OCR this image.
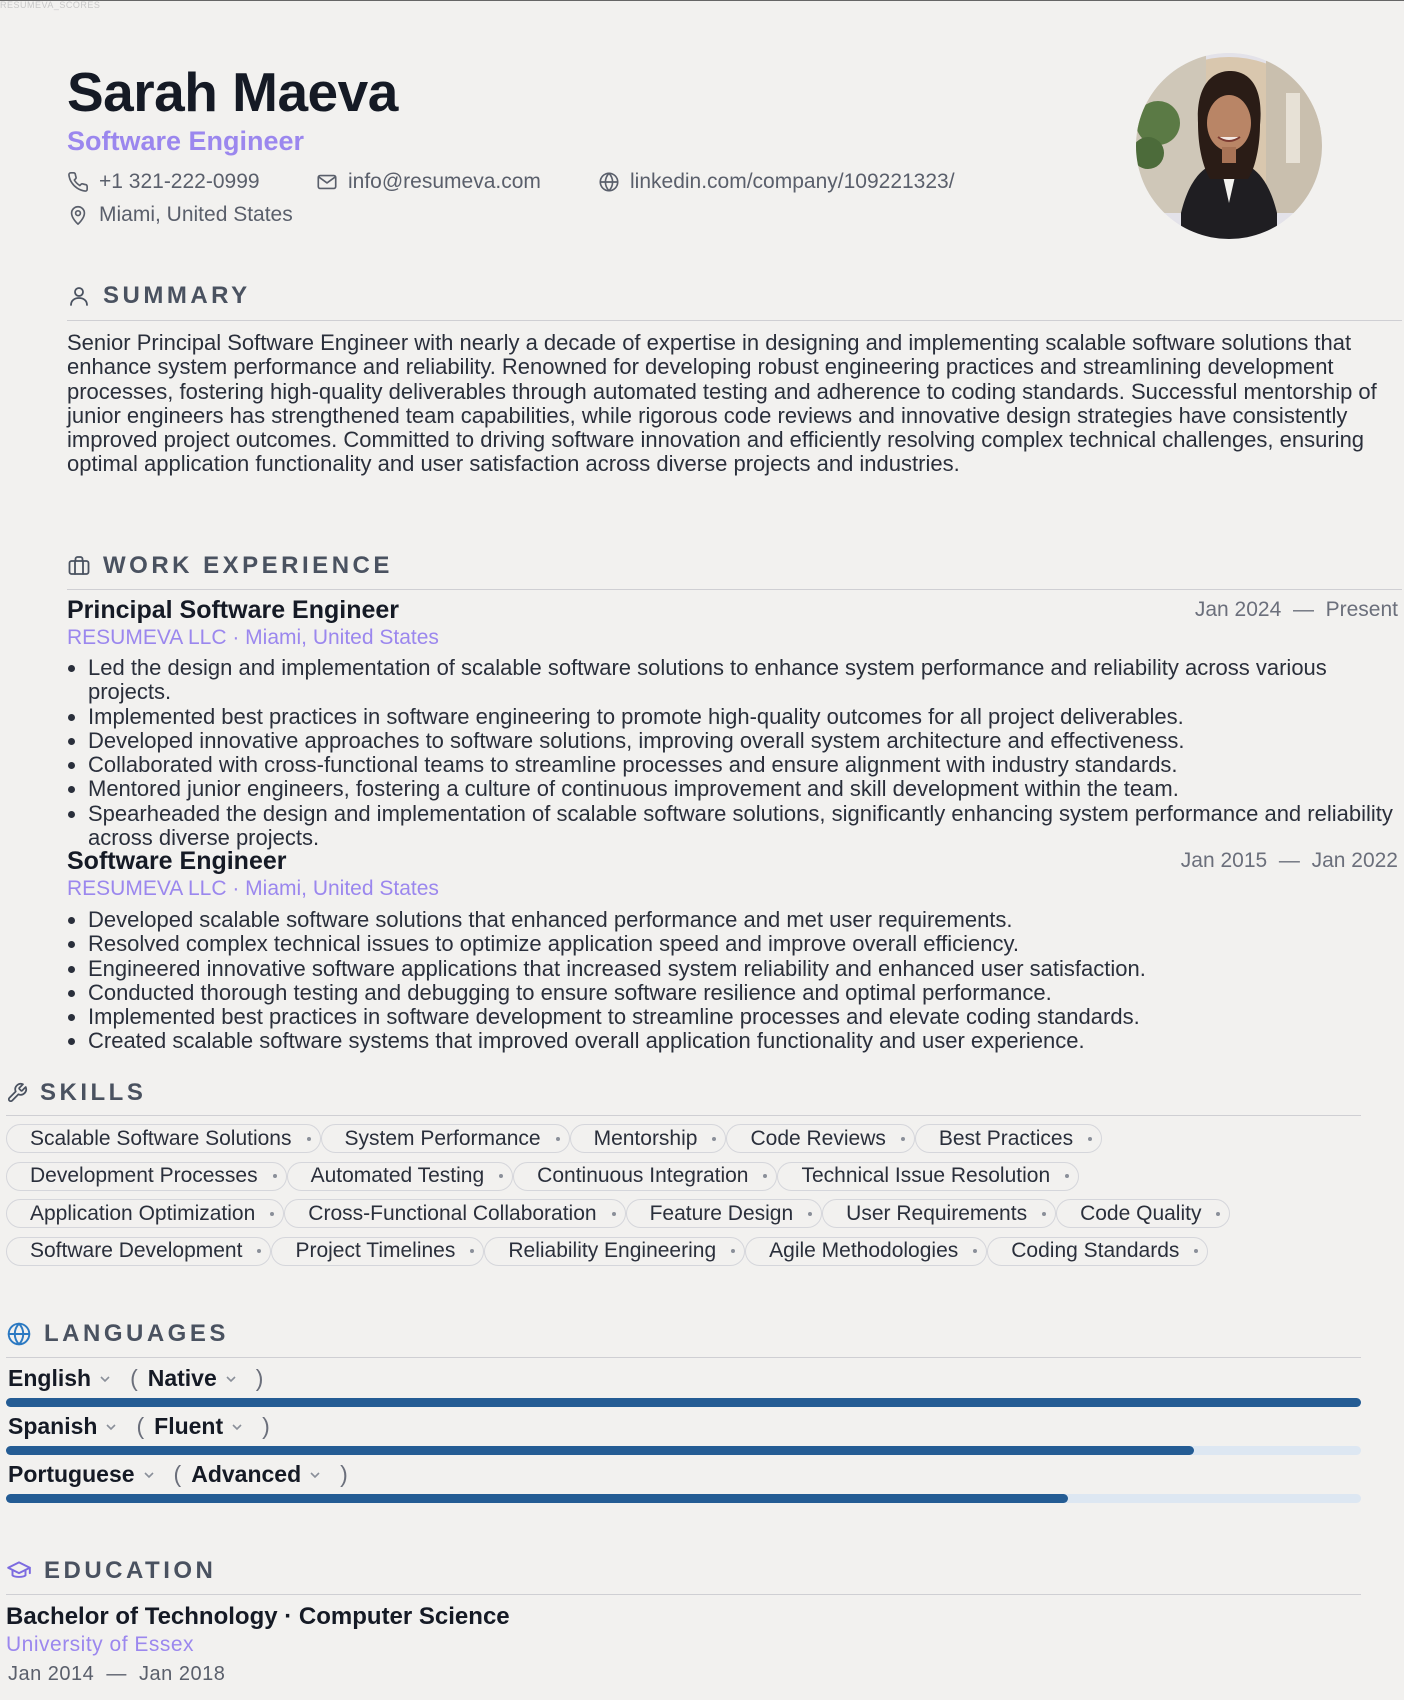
RESUMEVA_SCORES
Sarah Maeva
Software Engineer
+1 321-222-0999	info@resumeva.com	linkedin.com/company/109221323/
Miami, United States
SUMMARY

Senior Principal Software Engineer with nearly a decade of expertise in designing and implementing scalable software solutions that enhance system performance and reliability. Renowned for developing robust engineering practices and streamlining development processes, fostering high-quality deliverables through automated testing and adherence to coding standards. Successful mentorship of junior engineers has strengthened team capabilities, while rigorous code reviews and innovative design strategies have consistently improved project outcomes. Committed to driving software innovation and efficiently resolving complex technical challenges, ensuring optimal application functionality and user satisfaction across diverse projects and industries.

WORK EXPERIENCE
Principal Software Engineer
RESUMEVA LLC · Miami, United States
Jan 2024  —  Present
• Led the design and implementation of scalable software solutions to enhance system performance and reliability across various projects.
• Implemented best practices in software engineering to promote high-quality outcomes for all project deliverables.
• Developed innovative approaches to software solutions, improving overall system architecture and effectiveness.
• Collaborated with cross-functional teams to streamline processes and ensure alignment with industry standards.
• Mentored junior engineers, fostering a culture of continuous improvement and skill development within the team.
• Spearheaded the design and implementation of scalable software solutions, significantly enhancing system performance and reliability across diverse projects.
Software Engineer
RESUMEVA LLC · Miami, United States
Jan 2015  —  Jan 2022
• Developed scalable software solutions that enhanced performance and met user requirements.
• Resolved complex technical issues to optimize application speed and improve overall efficiency.
• Engineered innovative software applications that increased system reliability and enhanced user satisfaction.
• Conducted thorough testing and debugging to ensure software resilience and optimal performance.
• Implemented best practices in software development to streamline processes and elevate coding standards.
• Created scalable software systems that improved overall application functionality and user experience.
SKILLS
Scalable Software Solutions	System Performance	Mentorship	Code Reviews	Best Practices
Development Processes	Automated Testing	Continuous Integration	Technical Issue Resolution
Application Optimization	Cross-Functional Collaboration	Feature Design	User Requirements	Code Quality
Software Development	Project Timelines	Reliability Engineering	Agile Methodologies	Coding Standards
LANGUAGES
English ( Native )
Spanish ( Fluent )
Portuguese ( Advanced )
EDUCATION
Bachelor of Technology · Computer Science
University of Essex
Jan 2014  —  Jan 2018
